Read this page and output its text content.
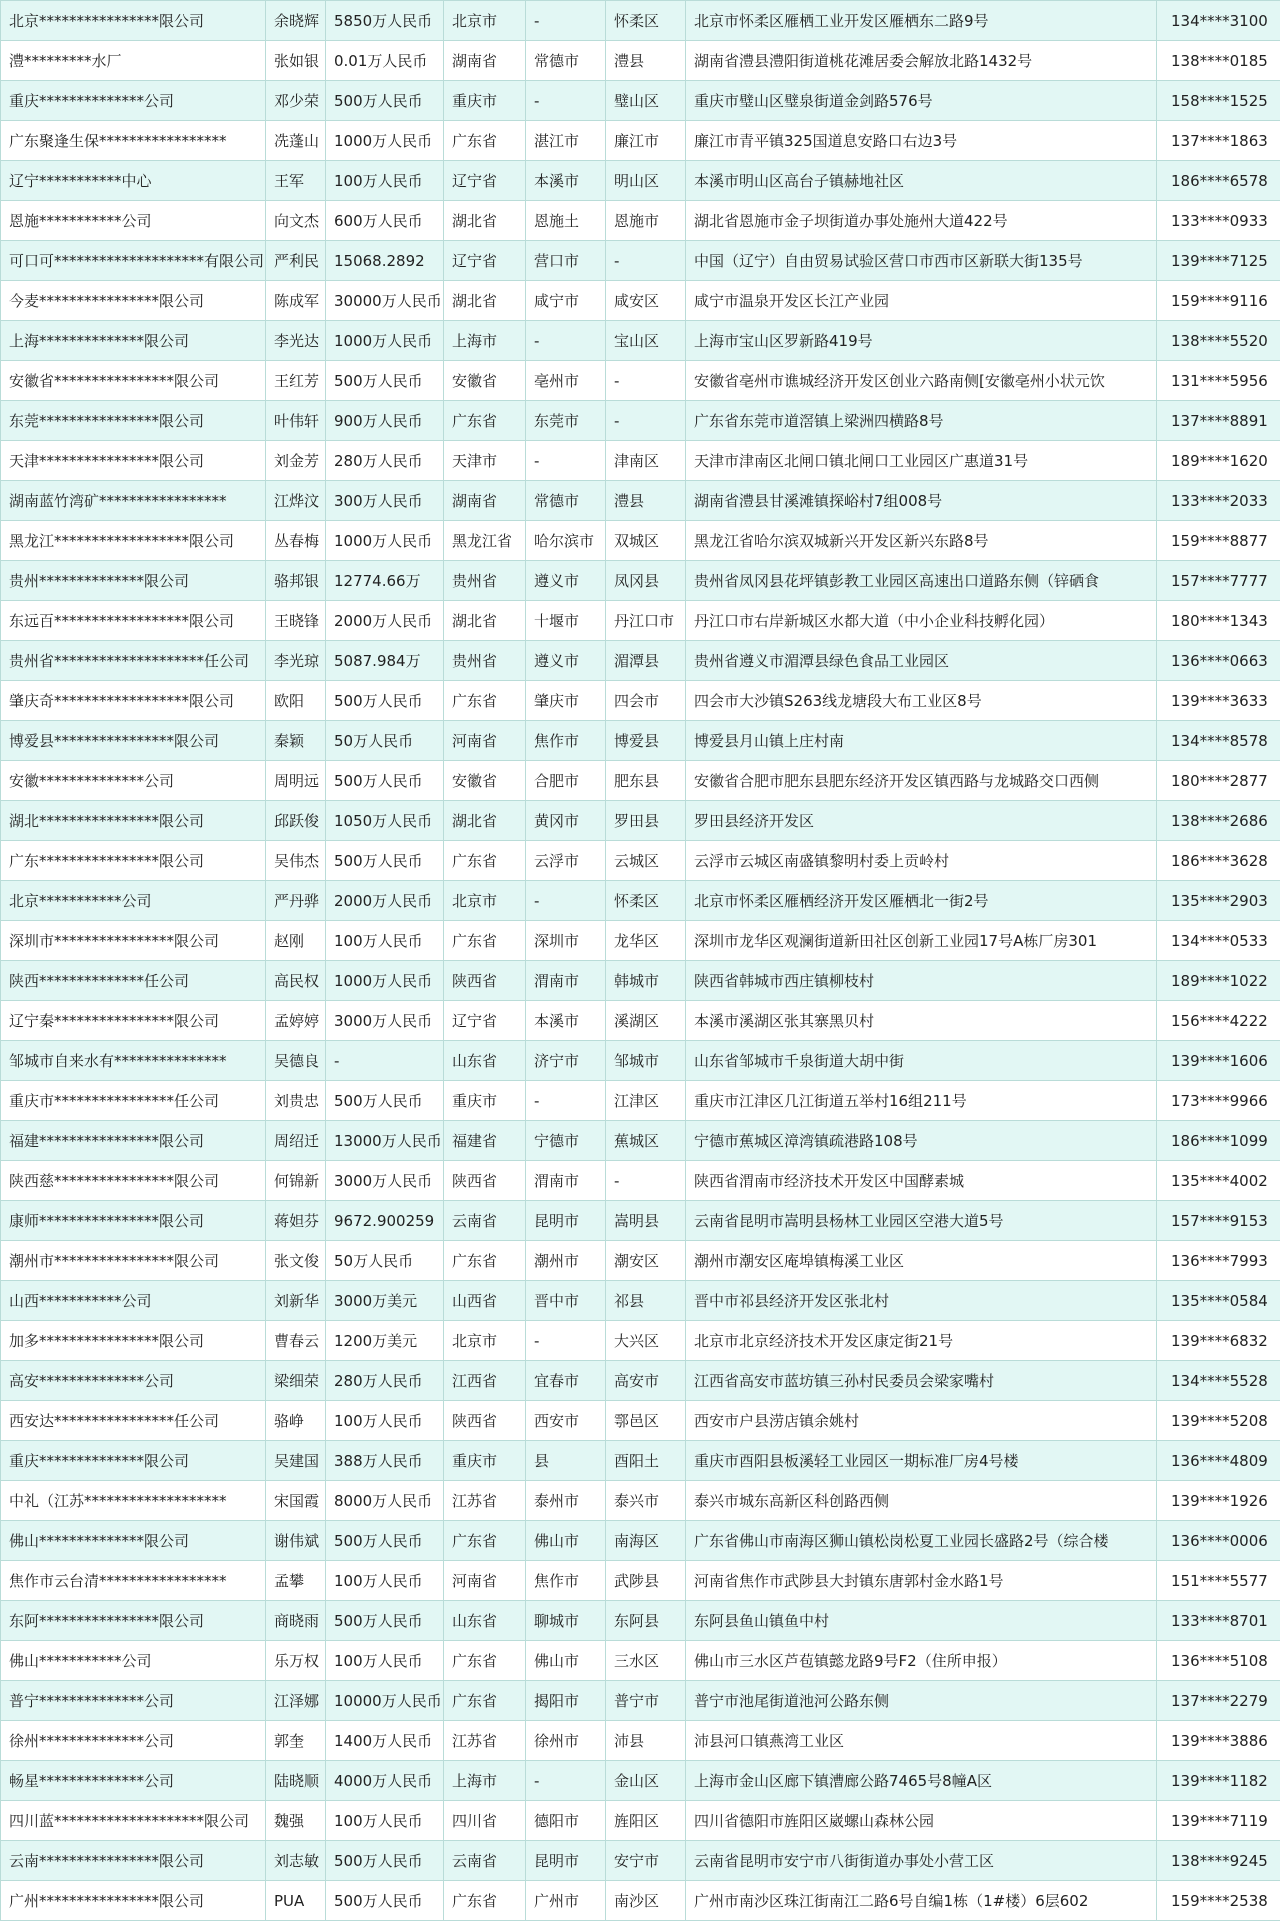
北京****************限公司	余晓辉	5850万人民币	北京市	-	怀柔区	北京市怀柔区雁栖工业开发区雁栖东二路9号	134****3100
澧*********水厂	张如银	0.01万人民币	湖南省	常德市	澧县	湖南省澧县澧阳街道桃花滩居委会解放北路1432号	138****0185
重庆**************公司	邓少荣	500万人民币	重庆市	-	璧山区	重庆市璧山区璧泉街道金剑路576号	158****1525
广东聚逢生保*****************	冼蓬山	1000万人民币	广东省	湛江市	廉江市	廉江市青平镇325国道息安路口右边3号	137****1863
辽宁***********中心	王军	100万人民币	辽宁省	本溪市	明山区	本溪市明山区高台子镇赫地社区	186****6578
恩施***********公司	向文杰	600万人民币	湖北省	恩施土	恩施市	湖北省恩施市金子坝街道办事处施州大道422号	133****0933
可口可********************有限公司	严利民	15068.2892	辽宁省	营口市	-	中国（辽宁）自由贸易试验区营口市西市区新联大街135号	139****7125
今麦****************限公司	陈成军	30000万人民币	湖北省	咸宁市	咸安区	咸宁市温泉开发区长江产业园	159****9116
上海**************限公司	李光达	1000万人民币	上海市	-	宝山区	上海市宝山区罗新路419号	138****5520
安徽省****************限公司	王红芳	500万人民币	安徽省	亳州市	-	安徽省亳州市谯城经济开发区创业六路南侧[安徽亳州小状元饮	131****5956
东莞****************限公司	叶伟轩	900万人民币	广东省	东莞市	-	广东省东莞市道滘镇上梁洲四横路8号	137****8891
天津****************限公司	刘金芳	280万人民币	天津市	-	津南区	天津市津南区北闸口镇北闸口工业园区广惠道31号	189****1620
湖南蓝竹湾矿*****************	江烨汶	300万人民币	湖南省	常德市	澧县	湖南省澧县甘溪滩镇探峪村7组008号	133****2033
黑龙江******************限公司	丛春梅	1000万人民币	黑龙江省	哈尔滨市	双城区	黑龙江省哈尔滨双城新兴开发区新兴东路8号	159****8877
贵州**************限公司	骆邦银	12774.66万	贵州省	遵义市	凤冈县	贵州省凤冈县花坪镇彭教工业园区高速出口道路东侧（锌硒食	157****7777
东远百******************限公司	王晓锋	2000万人民币	湖北省	十堰市	丹江口市	丹江口市右岸新城区水都大道（中小企业科技孵化园）	180****1343
贵州省********************任公司	李光琼	5087.984万	贵州省	遵义市	湄潭县	贵州省遵义市湄潭县绿色食品工业园区	136****0663
肇庆奇******************限公司	欧阳	500万人民币	广东省	肇庆市	四会市	四会市大沙镇S263线龙塘段大布工业区8号	139****3633
博爱县****************限公司	秦颖	50万人民币	河南省	焦作市	博爱县	博爱县月山镇上庄村南	134****8578
安徽**************公司	周明远	500万人民币	安徽省	合肥市	肥东县	安徽省合肥市肥东县肥东经济开发区镇西路与龙城路交口西侧	180****2877
湖北****************限公司	邱跃俊	1050万人民币	湖北省	黄冈市	罗田县	罗田县经济开发区	138****2686
广东****************限公司	吴伟杰	500万人民币	广东省	云浮市	云城区	云浮市云城区南盛镇黎明村委上贡岭村	186****3628
北京***********公司	严丹骅	2000万人民币	北京市	-	怀柔区	北京市怀柔区雁栖经济开发区雁栖北一街2号	135****2903
深圳市****************限公司	赵刚	100万人民币	广东省	深圳市	龙华区	深圳市龙华区观澜街道新田社区创新工业园17号A栋厂房301	134****0533
陕西**************任公司	高民权	1000万人民币	陕西省	渭南市	韩城市	陕西省韩城市西庄镇柳枝村	189****1022
辽宁秦****************限公司	孟婷婷	3000万人民币	辽宁省	本溪市	溪湖区	本溪市溪湖区张其寨黑贝村	156****4222
邹城市自来水有***************	吴德良	-	山东省	济宁市	邹城市	山东省邹城市千泉街道大胡中街	139****1606
重庆市****************任公司	刘贵忠	500万人民币	重庆市	-	江津区	重庆市江津区几江街道五举村16组211号	173****9966
福建****************限公司	周绍迁	13000万人民币	福建省	宁德市	蕉城区	宁德市蕉城区漳湾镇疏港路108号	186****1099
陕西慈****************限公司	何锦新	3000万人民币	陕西省	渭南市	-	陕西省渭南市经济技术开发区中国酵素城	135****4002
康师****************限公司	蒋妲芬	9672.900259	云南省	昆明市	嵩明县	云南省昆明市嵩明县杨林工业园区空港大道5号	157****9153
潮州市****************限公司	张文俊	50万人民币	广东省	潮州市	潮安区	潮州市潮安区庵埠镇梅溪工业区	136****7993
山西***********公司	刘新华	3000万美元	山西省	晋中市	祁县	晋中市祁县经济开发区张北村	135****0584
加多****************限公司	曹春云	1200万美元	北京市	-	大兴区	北京市北京经济技术开发区康定街21号	139****6832
高安**************公司	梁细荣	280万人民币	江西省	宜春市	高安市	江西省高安市蓝坊镇三孙村民委员会梁家嘴村	134****5528
西安达****************任公司	骆峥	100万人民币	陕西省	西安市	鄠邑区	西安市户县涝店镇余姚村	139****5208
重庆**************限公司	吴建国	388万人民币	重庆市	县	酉阳土	重庆市酉阳县板溪轻工业园区一期标准厂房4号楼	136****4809
中礼（江苏*******************	宋国霞	8000万人民币	江苏省	泰州市	泰兴市	泰兴市城东高新区科创路西侧	139****1926
佛山**************限公司	谢伟斌	500万人民币	广东省	佛山市	南海区	广东省佛山市南海区狮山镇松岗松夏工业园长盛路2号（综合楼	136****0006
焦作市云台清*****************	孟攀	100万人民币	河南省	焦作市	武陟县	河南省焦作市武陟县大封镇东唐郭村金水路1号	151****5577
东阿****************限公司	商晓雨	500万人民币	山东省	聊城市	东阿县	东阿县鱼山镇鱼中村	133****8701
佛山***********公司	乐万权	100万人民币	广东省	佛山市	三水区	佛山市三水区芦苞镇懿龙路9号F2（住所申报）	136****5108
普宁**************公司	江泽娜	10000万人民币	广东省	揭阳市	普宁市	普宁市池尾街道池河公路东侧	137****2279
徐州**************公司	郭奎	1400万人民币	江苏省	徐州市	沛县	沛县河口镇燕湾工业区	139****3886
畅星**************公司	陆晓顺	4000万人民币	上海市	-	金山区	上海市金山区廊下镇漕廊公路7465号8幢A区	139****1182
四川蓝********************限公司	魏强	100万人民币	四川省	德阳市	旌阳区	四川省德阳市旌阳区崴螺山森林公园	139****7119
云南****************限公司	刘志敏	500万人民币	云南省	昆明市	安宁市	云南省昆明市安宁市八街街道办事处小营工区	138****9245
广州****************限公司	PUA	500万人民币	广东省	广州市	南沙区	广州市南沙区珠江街南江二路6号自编1栋（1#楼）6层602	159****2538
